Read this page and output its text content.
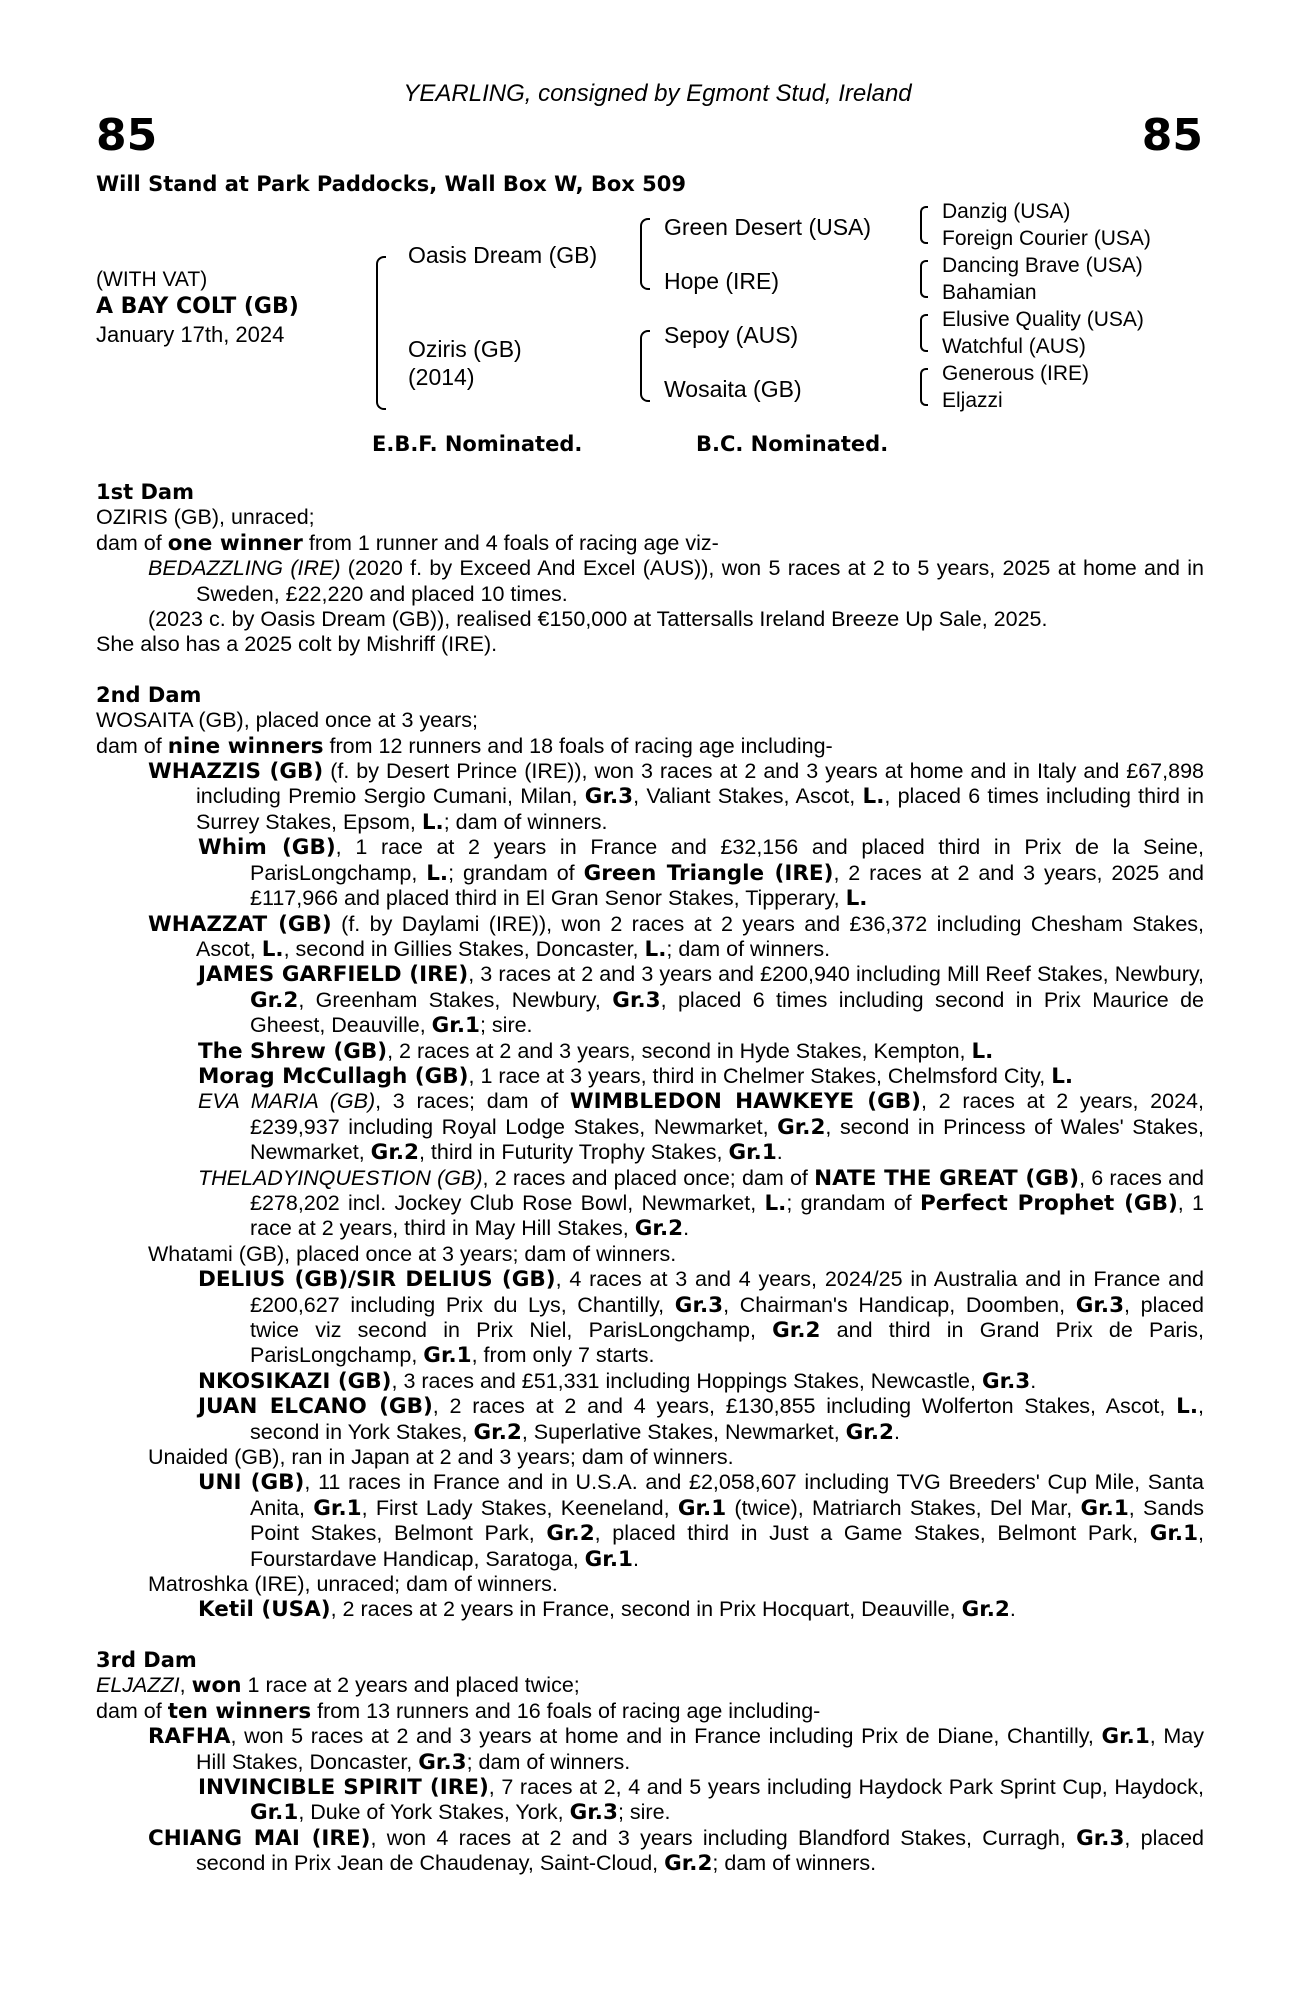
85	85
YEARLING, consigned by Egmont Stud, Ireland
Will Stand at Park Paddocks, Wall Box W, Box 509
(WITH VAT)
A BAY COLT (GB)
January 17th, 2024
Oasis Dream (GB)
Oziris (GB)
(2014)
Green Desert (USA)
Hope (IRE)
Sepoy (AUS)
Wosaita (GB)
Danzig (USA)
Foreign Courier (USA)
Dancing Brave (USA)
Bahamian
Elusive Quality (USA)
Watchful (AUS)
Generous (IRE)
Eljazzi
E.B.F. Nominated.	B.C. Nominated.

1st Dam

OZIRIS (GB), unraced;

dam of one winner from 1 runner and 4 foals of racing age viz-

BEDAZZLING (IRE) (2020 f. by Exceed And Excel (AUS)), won 5 races at 2 to 5 years, 2025 at home and in Sweden, £22,220 and placed 10 times.

(2023 c. by Oasis Dream (GB)), realised €150,000 at Tattersalls Ireland Breeze Up Sale, 2025.

She also has a 2025 colt by Mishriff (IRE).

2nd Dam

WOSAITA (GB), placed once at 3 years;

dam of nine winners from 12 runners and 18 foals of racing age including-

WHAZZIS (GB) (f. by Desert Prince (IRE)), won 3 races at 2 and 3 years at home and in Italy and £67,898 including Premio Sergio Cumani, Milan, Gr.3, Valiant Stakes, Ascot, L., placed 6 times including third in Surrey Stakes, Epsom, L.; dam of winners.

Whim (GB), 1 race at 2 years in France and £32,156 and placed third in Prix de la Seine, ParisLongchamp, L.; grandam of Green Triangle (IRE), 2 races at 2 and 3 years, 2025 and £117,966 and placed third in El Gran Senor Stakes, Tipperary, L.

WHAZZAT (GB) (f. by Daylami (IRE)), won 2 races at 2 years and £36,372 including Chesham Stakes, Ascot, L., second in Gillies Stakes, Doncaster, L.; dam of winners.

JAMES GARFIELD (IRE), 3 races at 2 and 3 years and £200,940 including Mill Reef Stakes, Newbury, Gr.2, Greenham Stakes, Newbury, Gr.3, placed 6 times including second in Prix Maurice de Gheest, Deauville, Gr.1; sire.

The Shrew (GB), 2 races at 2 and 3 years, second in Hyde Stakes, Kempton, L.

Morag McCullagh (GB), 1 race at 3 years, third in Chelmer Stakes, Chelmsford City, L.

EVA MARIA (GB), 3 races; dam of WIMBLEDON HAWKEYE (GB), 2 races at 2 years, 2024, £239,937 including Royal Lodge Stakes, Newmarket, Gr.2, second in Princess of Wales' Stakes, Newmarket, Gr.2, third in Futurity Trophy Stakes, Gr.1.

THELADYINQUESTION (GB), 2 races and placed once; dam of NATE THE GREAT (GB), 6 races and £278,202 incl. Jockey Club Rose Bowl, Newmarket, L.; grandam of Perfect Prophet (GB), 1 race at 2 years, third in May Hill Stakes, Gr.2.

Whatami (GB), placed once at 3 years; dam of winners.

DELIUS (GB)/SIR DELIUS (GB), 4 races at 3 and 4 years, 2024/25 in Australia and in France and £200,627 including Prix du Lys, Chantilly, Gr.3, Chairman's Handicap, Doomben, Gr.3, placed twice viz second in Prix Niel, ParisLongchamp, Gr.2 and third in Grand Prix de Paris, ParisLongchamp, Gr.1, from only 7 starts.

NKOSIKAZI (GB), 3 races and £51,331 including Hoppings Stakes, Newcastle, Gr.3.

JUAN ELCANO (GB), 2 races at 2 and 4 years, £130,855 including Wolferton Stakes, Ascot, L., second in York Stakes, Gr.2, Superlative Stakes, Newmarket, Gr.2.

Unaided (GB), ran in Japan at 2 and 3 years; dam of winners.

UNI (GB), 11 races in France and in U.S.A. and £2,058,607 including TVG Breeders' Cup Mile, Santa Anita, Gr.1, First Lady Stakes, Keeneland, Gr.1 (twice), Matriarch Stakes, Del Mar, Gr.1, Sands Point Stakes, Belmont Park, Gr.2, placed third in Just a Game Stakes, Belmont Park, Gr.1, Fourstardave Handicap, Saratoga, Gr.1.

Matroshka (IRE), unraced; dam of winners.

Ketil (USA), 2 races at 2 years in France, second in Prix Hocquart, Deauville, Gr.2.

3rd Dam

ELJAZZI, won 1 race at 2 years and placed twice;

dam of ten winners from 13 runners and 16 foals of racing age including-

RAFHA, won 5 races at 2 and 3 years at home and in France including Prix de Diane, Chantilly, Gr.1, May Hill Stakes, Doncaster, Gr.3; dam of winners.

INVINCIBLE SPIRIT (IRE), 7 races at 2, 4 and 5 years including Haydock Park Sprint Cup, Haydock, Gr.1, Duke of York Stakes, York, Gr.3; sire.

CHIANG MAI (IRE), won 4 races at 2 and 3 years including Blandford Stakes, Curragh, Gr.3, placed second in Prix Jean de Chaudenay, Saint-Cloud, Gr.2; dam of winners.
